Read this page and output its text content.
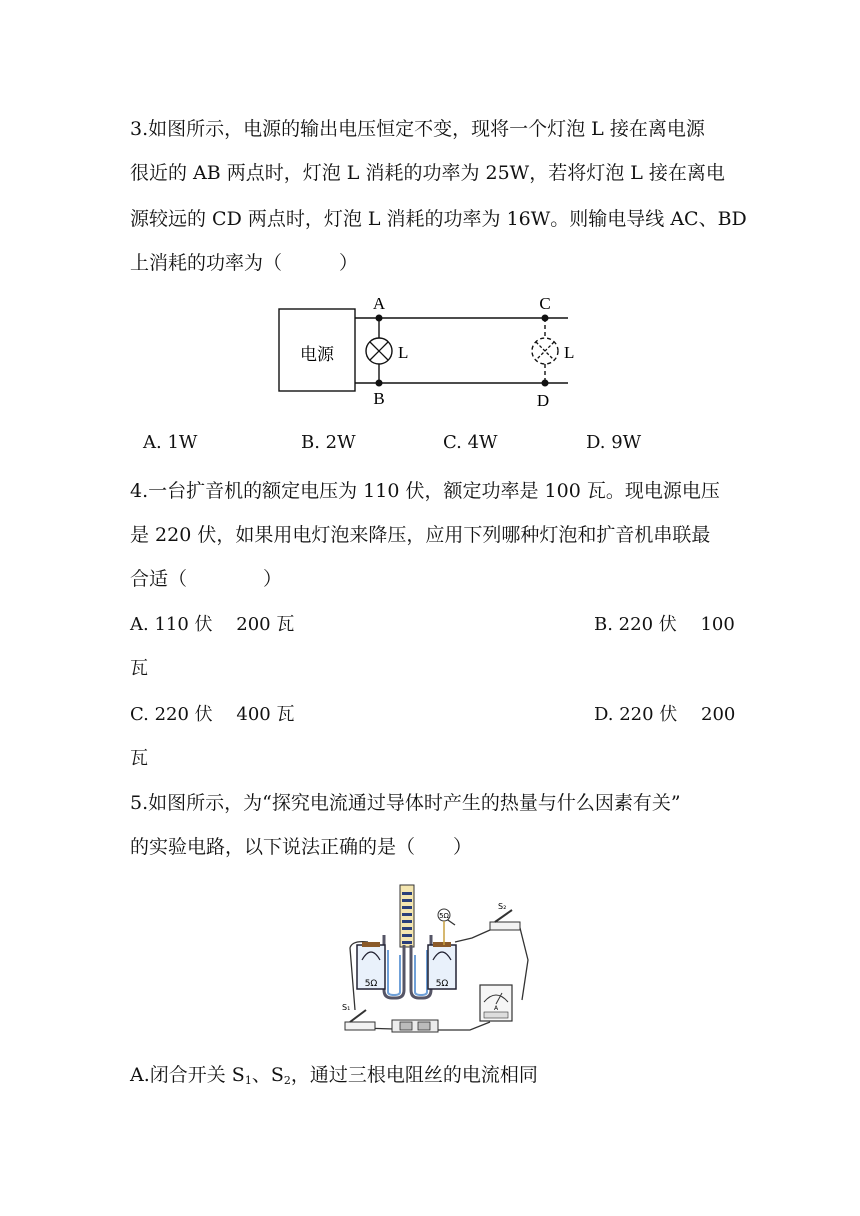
3.如图所示，电源的输出电压恒定不变，现将一个灯泡 L 接在离电源
很近的 AB 两点时，灯泡 L 消耗的功率为 25W，若将灯泡 L 接在离电
源较远的 CD 两点时，灯泡 L 消耗的功率为 16W。则输电导线 AC、BD
上消耗的功率为（　　　）
电源
A
B
L
C
D
L
A. 1W	B. 2W	C. 4W	D. 9W
4.一台扩音机的额定电压为 110 伏，额定功率是 100 瓦。现电源电压
是 220 伏，如果用电灯泡来降压，应用下列哪种灯泡和扩音机串联最
合适（　　　　）
A. 110 伏　 200 瓦	B. 220 伏　 100
瓦
C. 220 伏　 400 瓦	D. 220 伏　 200
瓦
5.如图所示，为“探究电流通过导体时产生的热量与什么因素有关”
的实验电路，以下说法正确的是（　　）
5Ω	5Ω
5Ω
S₂
S₁	A
A.闭合开关 $S_1$、$S_2$，通过三根电阻丝的电流相同
